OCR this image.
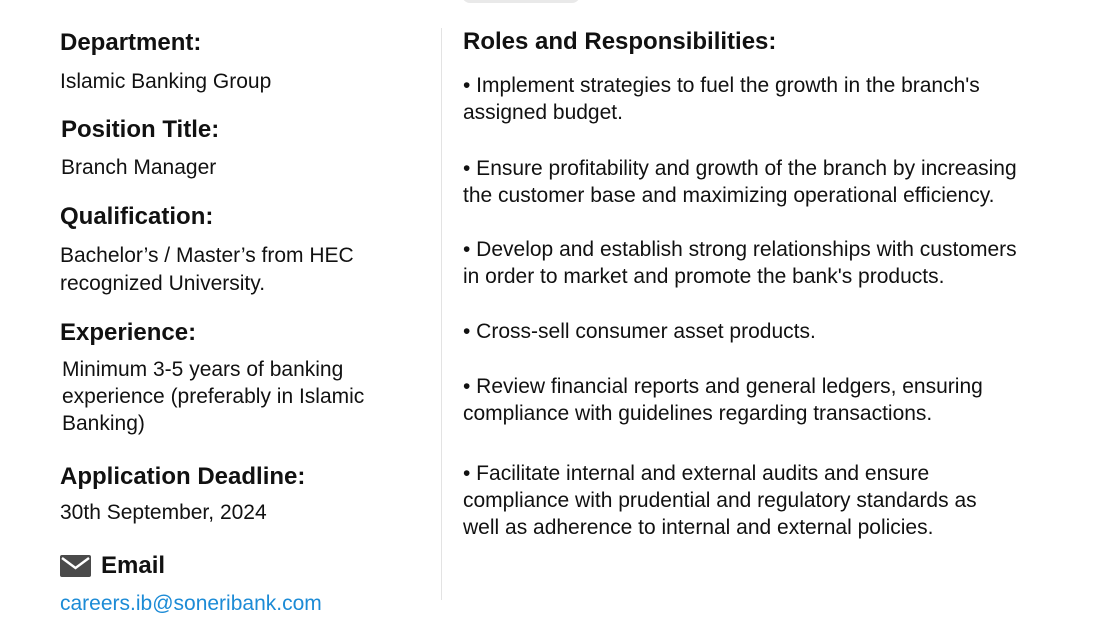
Department:
Islamic Banking Group
Position Title:
Branch Manager
Qualification:
Bachelor’s / Master’s from HEC
recognized University.
Experience:
Minimum 3-5 years of banking
experience (preferably in Islamic
Banking)
Application Deadline:
30th September, 2024
Email
careers.ib@soneribank.com
Roles and Responsibilities:
• Implement strategies to fuel the growth in the branch's
assigned budget.
• Ensure profitability and growth of the branch by increasing
the customer base and maximizing operational efficiency.
• Develop and establish strong relationships with customers
in order to market and promote the bank's products.
• Cross-sell consumer asset products.
• Review financial reports and general ledgers, ensuring
compliance with guidelines regarding transactions.
• Facilitate internal and external audits and ensure
compliance with prudential and regulatory standards as
well as adherence to internal and external policies.
